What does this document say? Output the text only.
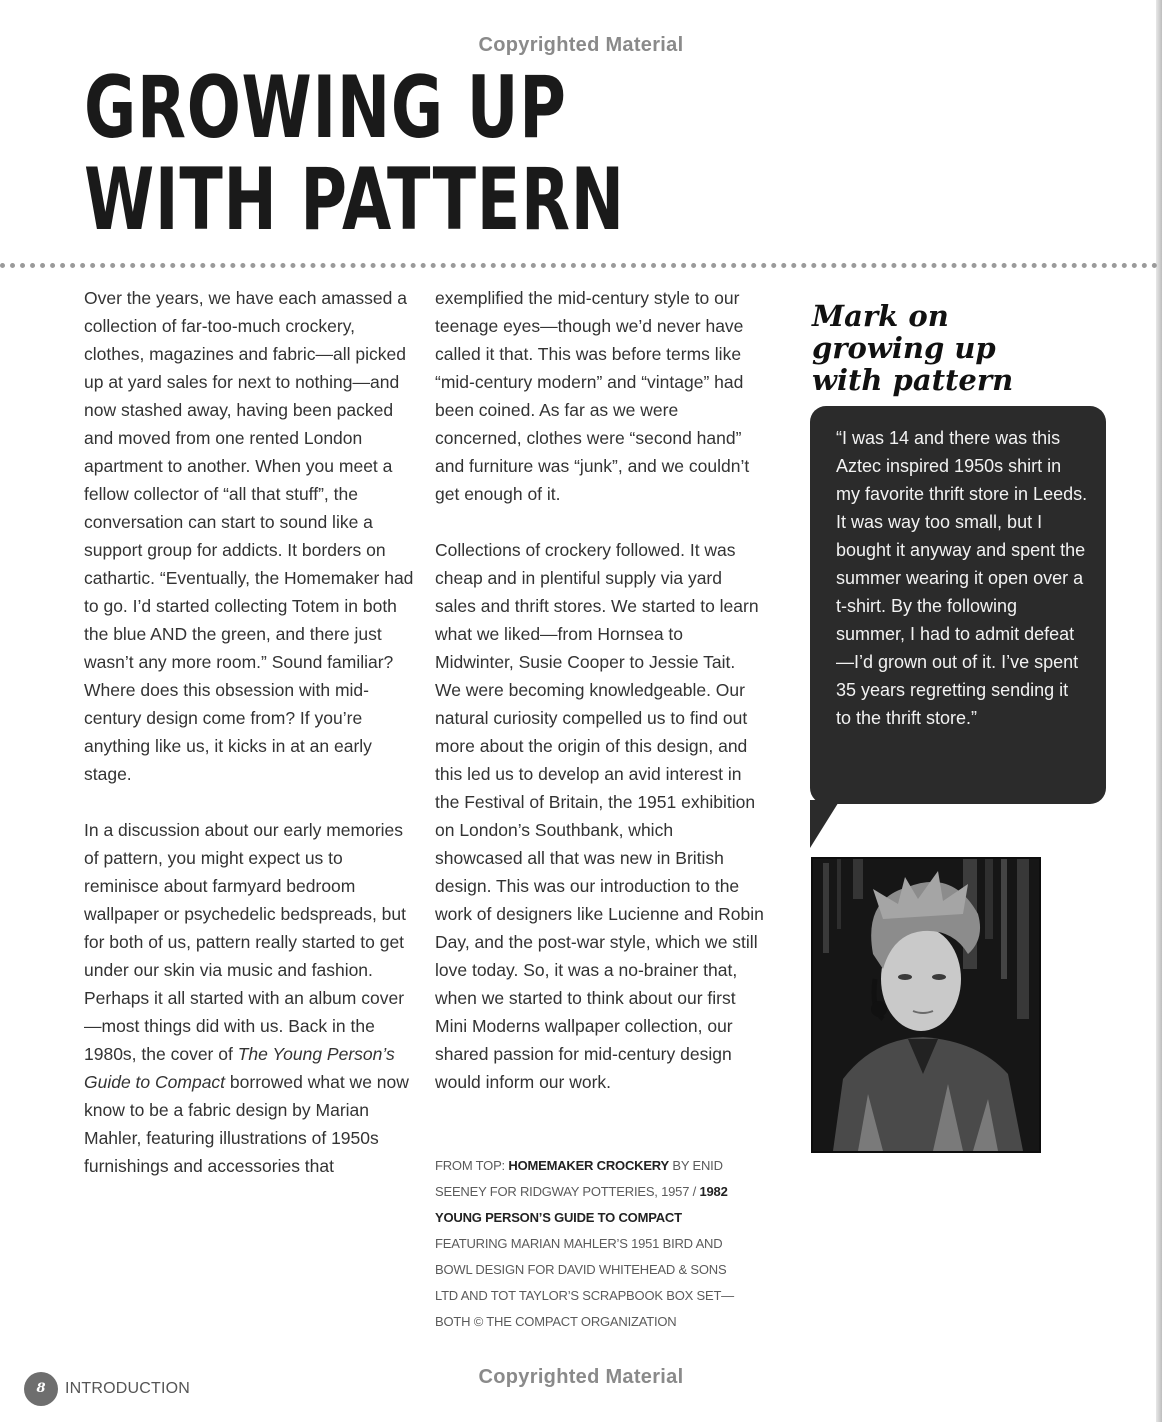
Copyrighted Material
GROWING UP
WITH PATTERN

Over the years, we have each amassed a collection of far-too-much crockery, clothes, magazines and fabric—all picked up at yard sales for next to nothing—and now stashed away, having been packed and moved from one rented London apartment to another. When you meet a fellow collector of “all that stuff”, the conversation can start to sound like a support group for addicts. It borders on cathartic. “Eventually, the Homemaker had to go. I’d started collecting Totem in both the blue AND the green, and there just wasn’t any more room.” Sound familiar? Where does this obsession with mid-century design come from? If you’re anything like us, it kicks in at an early stage.

In a discussion about our early memories of pattern, you might expect us to reminisce about farmyard bedroom wallpaper or psychedelic bedspreads, but for both of us, pattern really started to get under our skin via music and fashion. Perhaps it all started with an album cover—most things did with us. Back in the 1980s, the cover of The Young Person’s Guide to Compact borrowed what we now know to be a fabric design by Marian Mahler, featuring illustrations of 1950s furnishings and accessories that

exemplified the mid-century style to our teenage eyes—though we’d never have called it that. This was before terms like “mid-century modern” and “vintage” had been coined. As far as we were concerned, clothes were “second hand” and furniture was “junk”, and we couldn’t get enough of it.

Collections of crockery followed. It was cheap and in plentiful supply via yard sales and thrift stores. We started to learn what we liked—from Hornsea to Midwinter, Susie Cooper to Jessie Tait. We were becoming knowledgeable. Our natural curiosity compelled us to find out more about the origin of this design, and this led us to develop an avid interest in the Festival of Britain, the 1951 exhibition on London’s Southbank, which showcased all that was new in British design. This was our introduction to the work of designers like Lucienne and Robin Day, and the post-war style, which we still love today. So, it was a no-brainer that, when we started to think about our first Mini Moderns wallpaper collection, our shared passion for mid-century design would inform our work.

FROM TOP: HOMEMAKER CROCKERY BY ENID SEENEY FOR RIDGWAY POTTERIES, 1957 / 1982 YOUNG PERSON’S GUIDE TO COMPACT FEATURING MARIAN MAHLER’S 1951 BIRD AND BOWL DESIGN FOR DAVID WHITEHEAD & SONS LTD AND TOT TAYLOR’S SCRAPBOOK BOX SET—BOTH © THE COMPACT ORGANIZATION
Mark on
growing up
with pattern

“I was 14 and there was this Aztec inspired 1950s shirt in my favorite thrift store in Leeds. It was way too small, but I bought it anyway and spent the summer wearing it open over a t-shirt. By the following summer, I had to admit defeat—I’d grown out of it. I’ve spent 35 years regretting sending it to the thrift store.”

8	INTRODUCTION
Copyrighted Material
